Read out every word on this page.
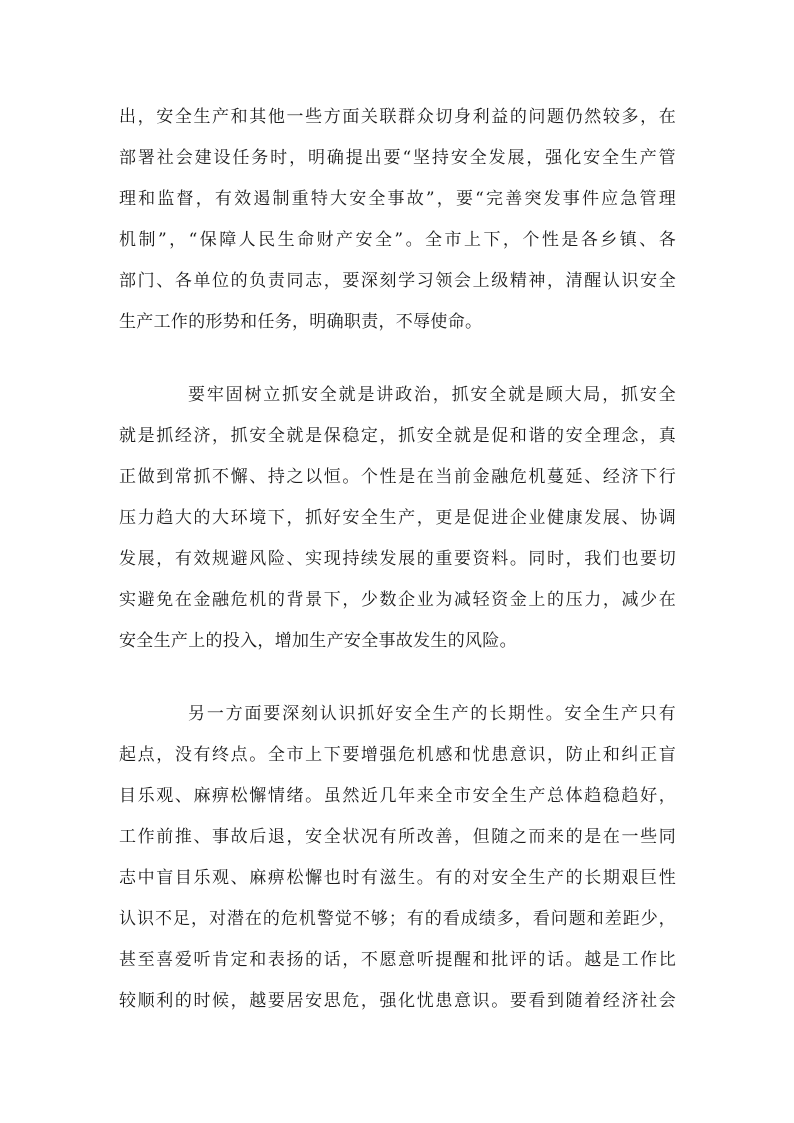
出，安全生产和其他一些方面关联群众切身利益的问题仍然较多，在
部署社会建设任务时，明确提出要“坚持安全发展，强化安全生产管
理和监督，有效遏制重特大安全事故”，要“完善突发事件应急管理
机制”，“保障人民生命财产安全”。全市上下，个性是各乡镇、各
部门、各单位的负责同志，要深刻学习领会上级精神，清醒认识安全
生产工作的形势和任务，明确职责，不辱使命。
要牢固树立抓安全就是讲政治，抓安全就是顾大局，抓安全
就是抓经济，抓安全就是保稳定，抓安全就是促和谐的安全理念，真
正做到常抓不懈、持之以恒。个性是在当前金融危机蔓延、经济下行
压力趋大的大环境下，抓好安全生产，更是促进企业健康发展、协调
发展，有效规避风险、实现持续发展的重要资料。同时，我们也要切
实避免在金融危机的背景下，少数企业为减轻资金上的压力，减少在
安全生产上的投入，增加生产安全事故发生的风险。
另一方面要深刻认识抓好安全生产的长期性。安全生产只有
起点，没有终点。全市上下要增强危机感和忧患意识，防止和纠正盲
目乐观、麻痹松懈情绪。虽然近几年来全市安全生产总体趋稳趋好，
工作前推、事故后退，安全状况有所改善，但随之而来的是在一些同
志中盲目乐观、麻痹松懈也时有滋生。有的对安全生产的长期艰巨性
认识不足，对潜在的危机警觉不够；有的看成绩多，看问题和差距少，
甚至喜爱听肯定和表扬的话，不愿意听提醒和批评的话。越是工作比
较顺利的时候，越要居安思危，强化忧患意识。要看到随着经济社会
